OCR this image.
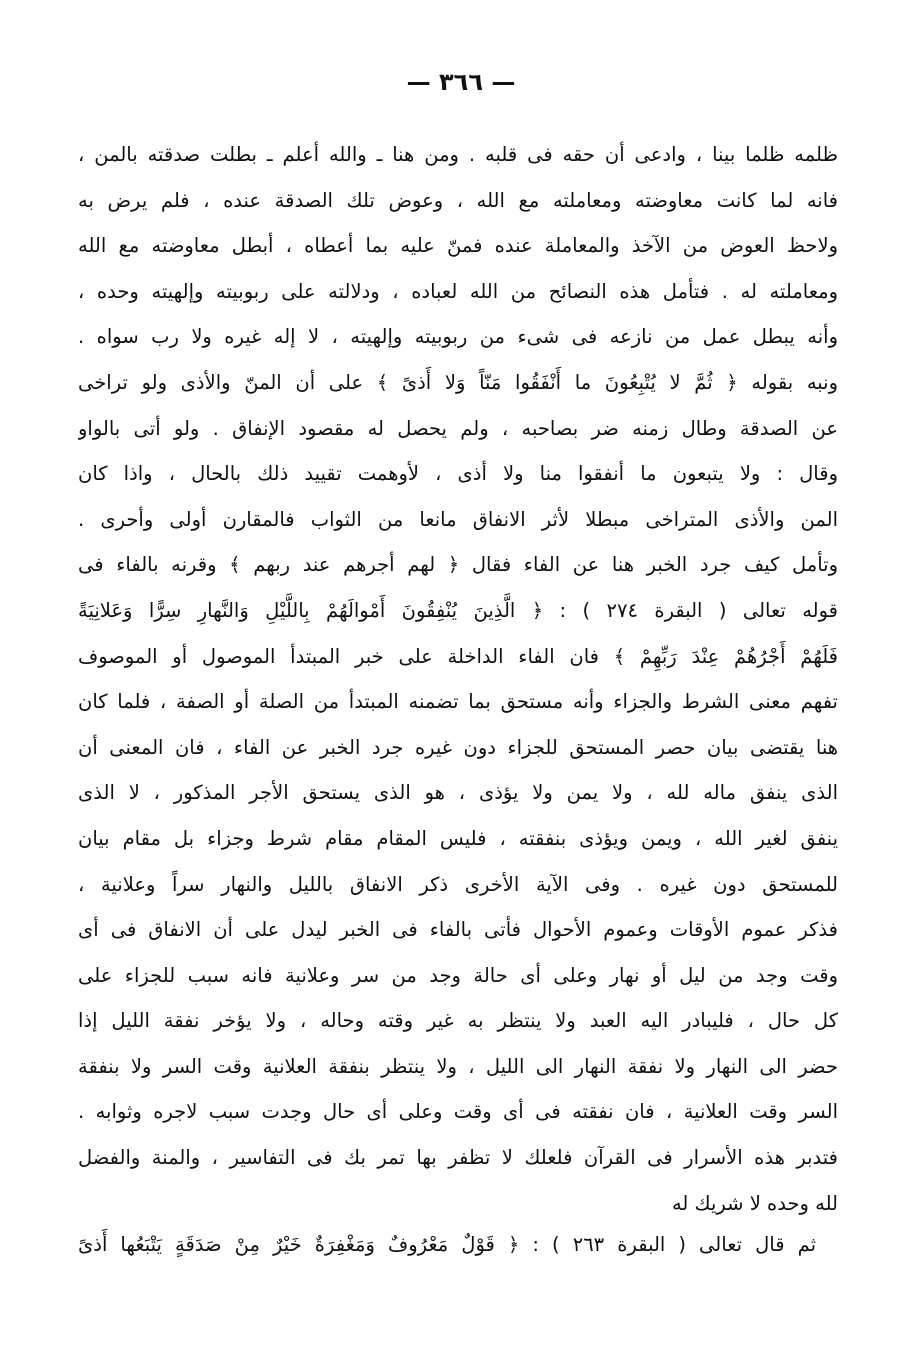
— ٣٦٦ —
ظلمه ظلما بينا ، وادعى أن حقه فى قلبه . ومن هنا ـ والله أعلم ـ بطلت صدقته بالمن ،
فانه لما كانت معاوضته ومعاملته مع الله ، وعوض تلك الصدقة عنده ، فلم يرض به
ولاحظ العوض من الآخذ والمعاملة عنده فمنّ عليه بما أعطاه ، أبطل معاوضته مع الله
ومعاملته له . فتأمل هذه النصائح من الله لعباده ، ودلالته على ربوبيته وإلهيته وحده ،
وأنه يبطل عمل من نازعه فى شىء من ربوبيته وإلهيته ، لا إله غيره ولا رب سواه .
ونبه بقوله ﴿ ثُمَّ لا يُتْبِعُونَ ما أَنْفَقُوا مَنّاً وَلا أَذىً ﴾ على أن المنّ والأذى ولو تراخى
عن الصدقة وطال زمنه ضر بصاحبه ، ولم يحصل له مقصود الإنفاق . ولو أتى بالواو
وقال : ولا يتبعون ما أنفقوا منا ولا أذى ، لأوهمت تقييد ذلك بالحال ، واذا كان
المن والأذى المتراخى مبطلا لأثر الانفاق مانعا من الثواب فالمقارن أولى وأحرى .
وتأمل كيف جرد الخبر هنا عن الفاء فقال ﴿ لهم أجرهم عند ربهم ﴾ وقرنه بالفاء فى
قوله تعالى ( البقرة ٢٧٤ ) : ﴿ الَّذِينَ يُنْفِقُونَ أَمْوالَهُمْ بِاللَّيْلِ وَالنَّهارِ سِرًّا وَعَلانِيَةً
فَلَهُمْ أَجْرُهُمْ عِنْدَ رَبِّهِمْ ﴾ فان الفاء الداخلة على خبر المبتدأ الموصول أو الموصوف
تفهم معنى الشرط والجزاء وأنه مستحق بما تضمنه المبتدأ من الصلة أو الصفة ، فلما كان
هنا يقتضى بيان حصر المستحق للجزاء دون غيره جرد الخبر عن الفاء ، فان المعنى أن
الذى ينفق ماله لله ، ولا يمن ولا يؤذى ، هو الذى يستحق الأجر المذكور ، لا الذى
ينفق لغير الله ، ويمن ويؤذى بنفقته ، فليس المقام مقام شرط وجزاء بل مقام بيان
للمستحق دون غيره . وفى الآية الأخرى ذكر الانفاق بالليل والنهار سراً وعلانية ،
فذكر عموم الأوقات وعموم الأحوال فأتى بالفاء فى الخبر ليدل على أن الانفاق فى أى
وقت وجد من ليل أو نهار وعلى أى حالة وجد من سر وعلانية فانه سبب للجزاء على
كل حال ، فليبادر اليه العبد ولا ينتظر به غير وقته وحاله ، ولا يؤخر نفقة الليل إذا
حضر الى النهار ولا نفقة النهار الى الليل ، ولا ينتظر بنفقة العلانية وقت السر ولا بنفقة
السر وقت العلانية ، فان نفقته فى أى وقت وعلى أى حال وجدت سبب لاجره وثوابه .
فتدبر هذه الأسرار فى القرآن فلعلك لا تظفر بها تمر بك فى التفاسير ، والمنة والفضل
لله وحده لا شريك له
ثم قال تعالى ( البقرة ٢٦٣ ) : ﴿ قَوْلٌ مَعْرُوفٌ وَمَغْفِرَةٌ خَيْرٌ مِنْ صَدَقَةٍ يَتْبَعُها أَذىً
